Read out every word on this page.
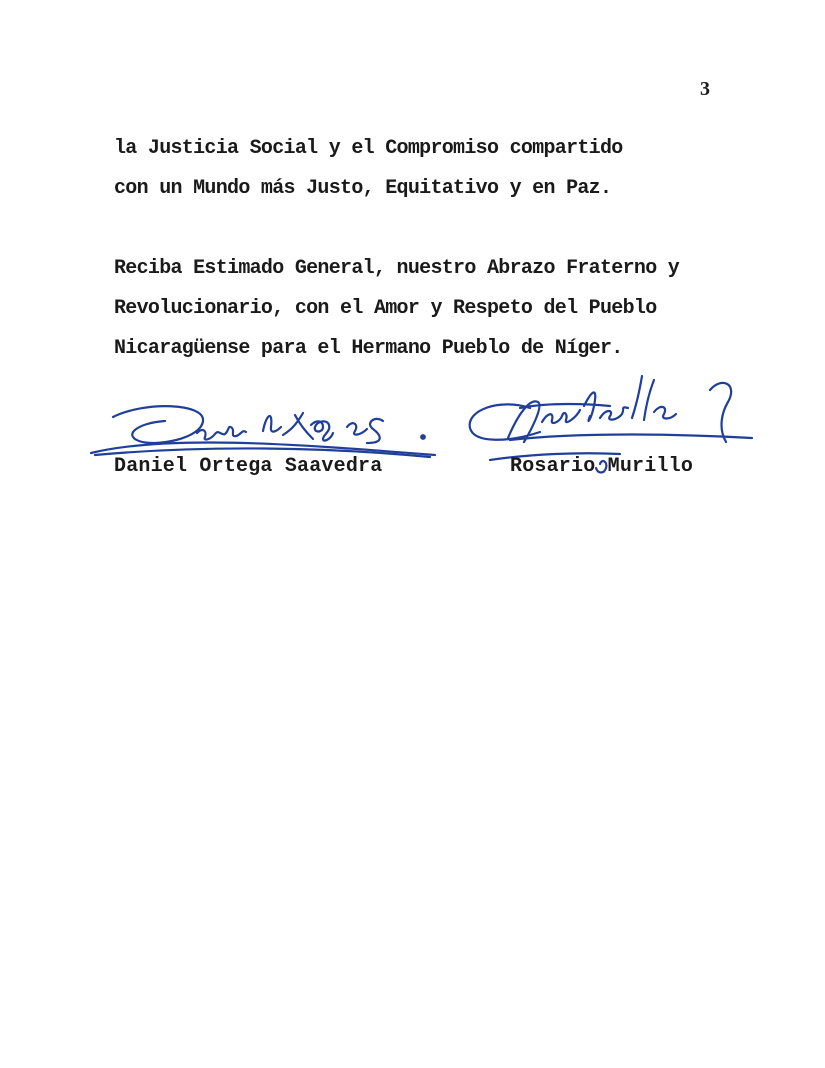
3
la Justicia Social y el Compromiso compartido
con un Mundo más Justo, Equitativo y en Paz.
Reciba Estimado General, nuestro Abrazo Fraterno y
Revolucionario, con el Amor y Respeto del Pueblo
Nicaragüense para el Hermano Pueblo de Níger.
Daniel Ortega Saavedra	Rosario Murillo
